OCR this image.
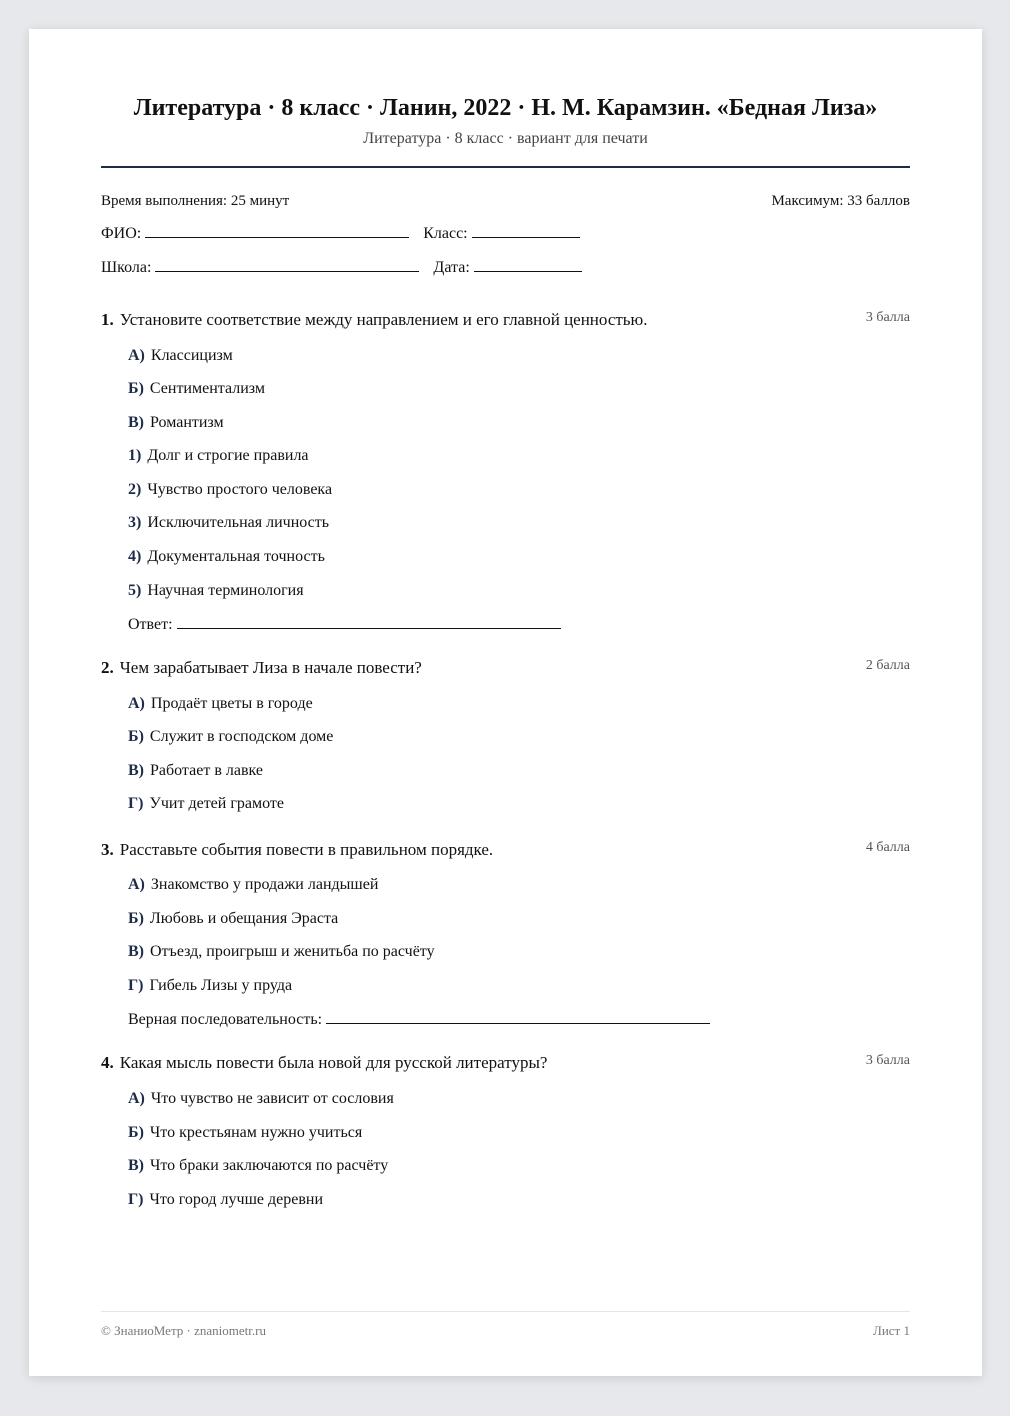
Литература · 8 класс · Ланин, 2022 · Н. М. Карамзин. «Бедная Лиза»
Литература · 8 класс · вариант для печати
Время выполнения: 25 минут	Максимум: 33 баллов
ФИО:	Класс:
Школа:	Дата:
1. Установите соответствие между направлением и его главной ценностью.	3 балла
А) Классицизм
Б) Сентиментализм
В) Романтизм
1) Долг и строгие правила
2) Чувство простого человека
3) Исключительная личность
4) Документальная точность
5) Научная терминология
Ответ:
2. Чем зарабатывает Лиза в начале повести?	2 балла
А) Продаёт цветы в городе
Б) Служит в господском доме
В) Работает в лавке
Г) Учит детей грамоте
3. Расставьте события повести в правильном порядке.	4 балла
А) Знакомство у продажи ландышей
Б) Любовь и обещания Эраста
В) Отъезд, проигрыш и женитьба по расчёту
Г) Гибель Лизы у пруда
Верная последовательность:
4. Какая мысль повести была новой для русской литературы?	3 балла
А) Что чувство не зависит от сословия
Б) Что крестьянам нужно учиться
В) Что браки заключаются по расчёту
Г) Что город лучше деревни
© ЗнаниоМетр · znaniometr.ru	Лист 1
